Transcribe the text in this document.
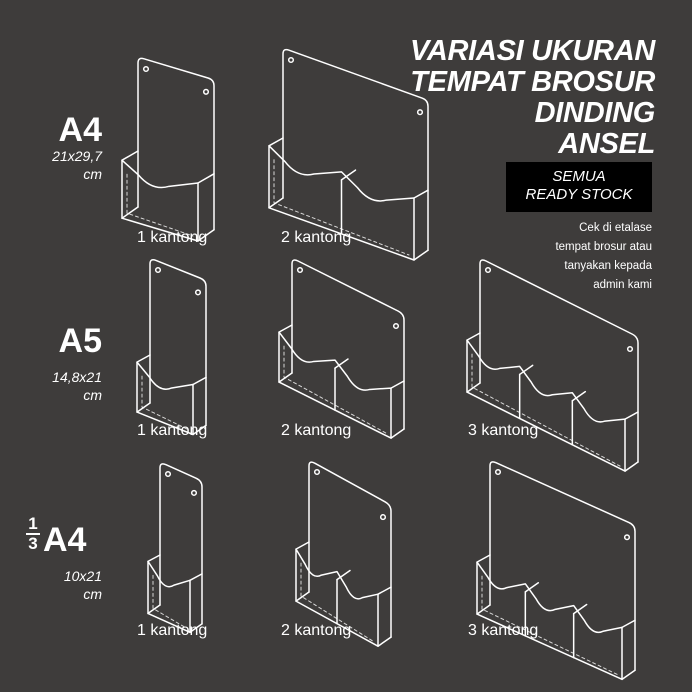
VARIASI UKURAN
TEMPAT BROSUR
DINDING
ANSEL
SEMUA
READY STOCK
Cek di etalase
tempat brosur atau
tanyakan kepada
admin kami
A4
21x29,7
cm
1 kantong	2 kantong
A5
14,8x21
cm
1 kantong	2 kantong	3 kantong
1
3 A4
10x21
cm
1 kantong	2 kantong	3 kantong
